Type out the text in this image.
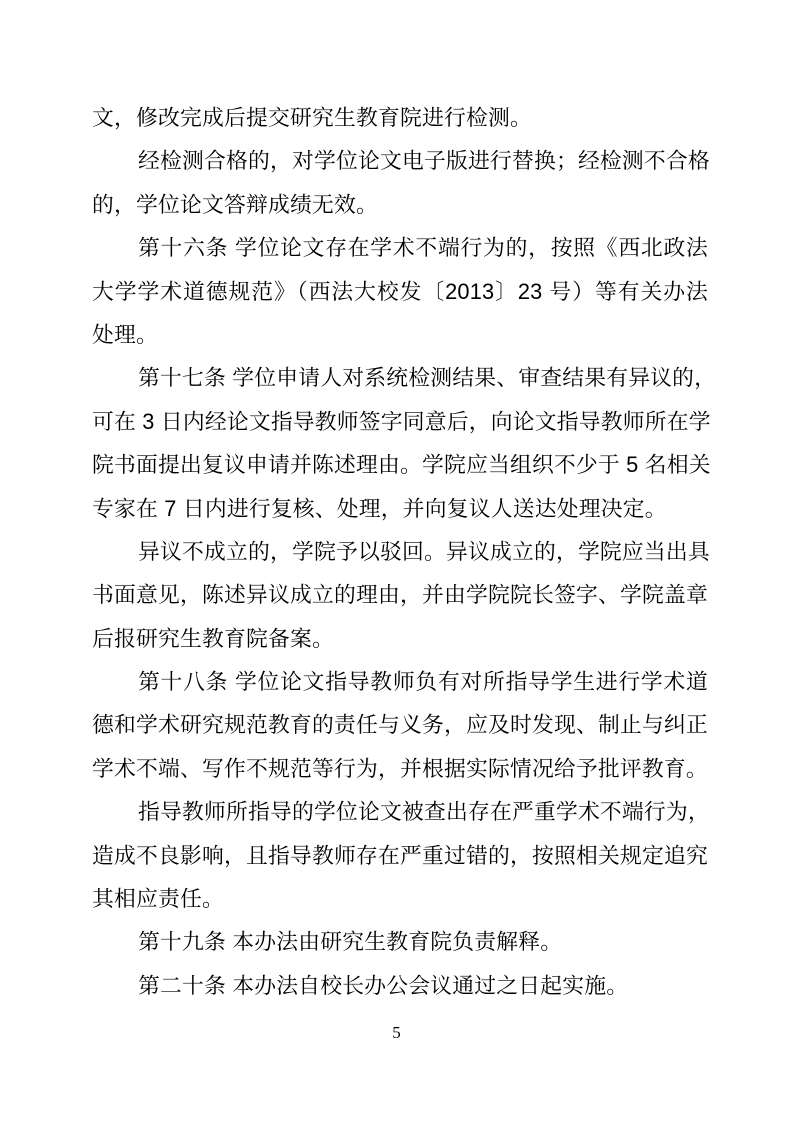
文，修改完成后提交研究生教育院进行检测。
经检测合格的，对学位论文电子版进行替换；经检测不合格
的，学位论文答辩成绩无效。
第十六条 学位论文存在学术不端行为的，按照《西北政法
大学学术道德规范》（西法大校发〔2013〕23 号）等有关办法
处理。
第十七条 学位申请人对系统检测结果、审查结果有异议的，
可在 3 日内经论文指导教师签字同意后，向论文指导教师所在学
院书面提出复议申请并陈述理由。学院应当组织不少于 5 名相关
专家在 7 日内进行复核、处理，并向复议人送达处理决定。
异议不成立的，学院予以驳回。异议成立的，学院应当出具
书面意见，陈述异议成立的理由，并由学院院长签字、学院盖章
后报研究生教育院备案。
第十八条 学位论文指导教师负有对所指导学生进行学术道
德和学术研究规范教育的责任与义务，应及时发现、制止与纠正
学术不端、写作不规范等行为，并根据实际情况给予批评教育。
指导教师所指导的学位论文被查出存在严重学术不端行为，
造成不良影响，且指导教师存在严重过错的，按照相关规定追究
其相应责任。
第十九条 本办法由研究生教育院负责解释。
第二十条 本办法自校长办公会议通过之日起实施。
5
